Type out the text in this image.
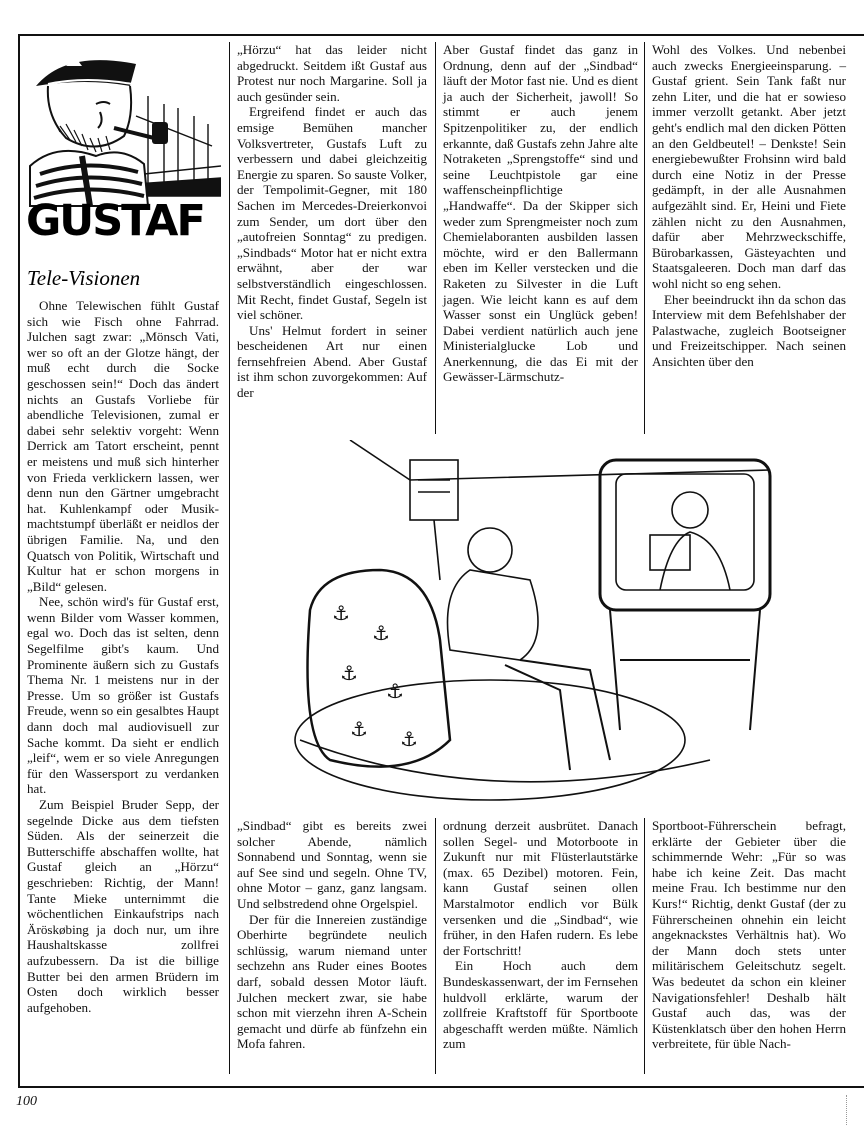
GUSTAF
Tele-Visionen

Ohne Telewischen fühlt Gustaf sich wie Fisch ohne Fahrrad. Julchen sagt zwar: „Mönsch Vati, wer so oft an der Glotze hängt, der muß echt durch die Socke geschossen sein!“ Doch das ändert nichts an Gustafs Vorliebe für abendliche Televisionen, zumal er dabei sehr selektiv vorgeht: Wenn Derrick am Tatort erscheint, pennt er meistens und muß sich hinterher von Frieda verklickern lassen, wer denn nun den Gärtner umgebracht hat. Kuhlenkampf oder Musik-machtstumpf überläßt er neidlos der übrigen Familie. Na, und den Quatsch von Politik, Wirtschaft und Kultur hat er schon morgens in „Bild“ gelesen.

Nee, schön wird's für Gustaf erst, wenn Bilder vom Wasser kommen, egal wo. Doch das ist selten, denn Segelfilme gibt's kaum. Und Prominente äußern sich zu Gustafs Thema Nr. 1 meistens nur in der Presse. Um so größer ist Gustafs Freude, wenn so ein gesalbtes Haupt dann doch mal audiovisuell zur Sache kommt. Da sieht er endlich „leif“, wem er so viele Anregungen für den Wassersport zu verdanken hat.

Zum Beispiel Bruder Sepp, der segelnde Dicke aus dem tiefsten Süden. Als der seinerzeit die Butterschiffe abschaffen wollte, hat Gustaf gleich an „Hörzu“ geschrieben: Richtig, der Mann! Tante Mieke unternimmt die wöchentlichen Einkaufstrips nach Äröskøbing ja doch nur, um ihre Haushaltskasse zollfrei aufzubessern. Da ist die billige Butter bei den armen Brüdern im Osten doch wirklich besser aufgehoben.

„Hörzu“ hat das leider nicht abgedruckt. Seitdem ißt Gustaf aus Protest nur noch Margarine. Soll ja auch gesünder sein.

Ergreifend findet er auch das emsige Bemühen mancher Volksvertreter, Gustafs Luft zu verbessern und dabei gleichzeitig Energie zu sparen. So sauste Volker, der Tempolimit-Gegner, mit 180 Sachen im Mercedes-Dreierkonvoi zum Sender, um dort über den „autofreien Sonntag“ zu predigen. „Sindbads“ Motor hat er nicht extra erwähnt, aber der war selbstverständlich eingeschlossen. Mit Recht, findet Gustaf, Segeln ist viel schöner.

Uns' Helmut fordert in seiner bescheidenen Art nur einen fernsehfreien Abend. Aber Gustaf ist ihm schon zuvorgekommen: Auf der

Aber Gustaf findet das ganz in Ordnung, denn auf der „Sindbad“ läuft der Motor fast nie. Und es dient ja auch der Sicherheit, jawoll! So stimmt er auch jenem Spitzenpolitiker zu, der endlich erkannte, daß Gustafs zehn Jahre alte Notraketen „Sprengstoffe“ sind und seine Leuchtpistole gar eine waffenscheinpflichtige „Handwaffe“. Da der Skipper sich weder zum Sprengmeister noch zum Chemielaboranten ausbilden lassen möchte, wird er den Ballermann eben im Keller verstecken und die Raketen zu Silvester in die Luft jagen. Wie leicht kann es auf dem Wasser sonst ein Unglück geben! Dabei verdient natürlich auch jene Ministerialglucke Lob und Anerkennung, die das Ei mit der Gewässer-Lärmschutz-

Wohl des Volkes. Und nebenbei auch zwecks Energieeinsparung. – Gustaf grient. Sein Tank faßt nur zehn Liter, und die hat er sowieso immer verzollt getankt. Aber jetzt geht's endlich mal den dicken Pötten an den Geldbeutel! – Denkste! Sein energiebewußter Frohsinn wird bald durch eine Notiz in der Presse gedämpft, in der alle Ausnahmen aufgezählt sind. Er, Heini und Fiete zählen nicht zu den Ausnahmen, dafür aber Mehrzweckschiffe, Bürobarkassen, Gästeyachten und Staatsgaleeren. Doch man darf das wohl nicht so eng sehen.

Eher beeindruckt ihn da schon das Interview mit dem Befehlshaber der Palastwache, zugleich Bootseigner und Freizeitschipper. Nach seinen Ansichten über den

⚓
⚓
⚓
⚓
⚓ ⚓

„Sindbad“ gibt es bereits zwei solcher Abende, nämlich Sonnabend und Sonntag, wenn sie auf See sind und segeln. Ohne TV, ohne Motor – ganz, ganz langsam. Und selbstredend ohne Orgelspiel.

Der für die Innereien zuständige Oberhirte begründete neulich schlüssig, warum niemand unter sechzehn ans Ruder eines Bootes darf, sobald dessen Motor läuft. Julchen meckert zwar, sie habe schon mit vierzehn ihren A-Schein gemacht und dürfe ab fünfzehn ein Mofa fahren.

ordnung derzeit ausbrütet. Danach sollen Segel- und Motorboote in Zukunft nur mit Flüsterlautstärke (max. 65 Dezibel) motoren. Fein, kann Gustaf seinen ollen Marstalmotor endlich vor Bülk versenken und die „Sindbad“, wie früher, in den Hafen rudern. Es lebe der Fortschritt!

Ein Hoch auch dem Bundeskassenwart, der im Fernsehen huldvoll erklärte, warum der zollfreie Kraftstoff für Sportboote abgeschafft werden müßte. Nämlich zum

Sportboot-Führerschein befragt, erklärte der Gebieter über die schimmernde Wehr: „Für so was habe ich keine Zeit. Das macht meine Frau. Ich bestimme nur den Kurs!“ Richtig, denkt Gustaf (der zu Führerscheinen ohnehin ein leicht angeknackstes Verhältnis hat). Wo der Mann doch stets unter militärischem Geleitschutz segelt. Was bedeutet da schon ein kleiner Navigationsfehler! Deshalb hält Gustaf auch das, was der Küstenklatsch über den hohen Herrn verbreitete, für üble Nach-

100
